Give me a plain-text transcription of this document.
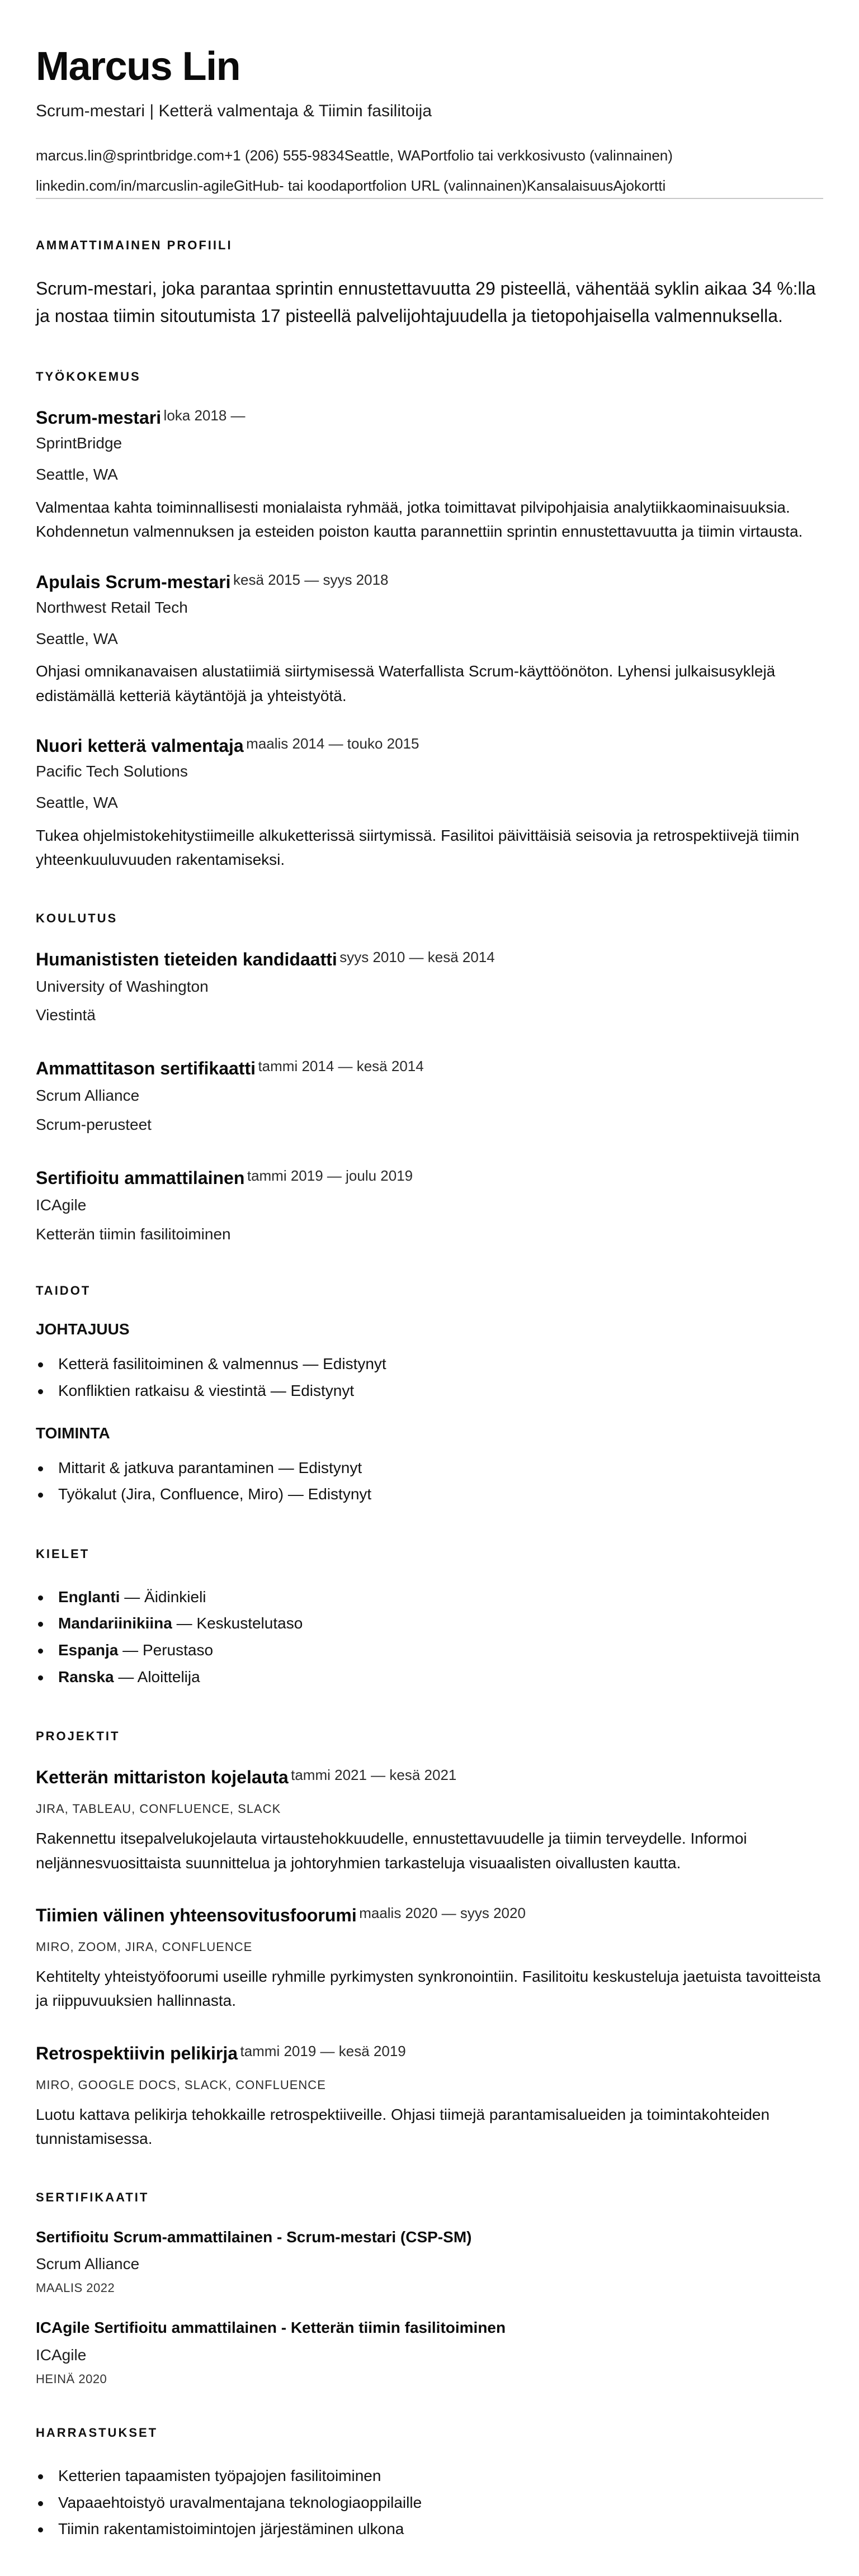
Marcus Lin
Scrum-mestari | Ketterä valmentaja & Tiimin fasilitoija
marcus.lin@sprintbridge.com+1 (206) 555-9834Seattle, WAPortfolio tai verkkosivusto (valinnainen)
linkedin.com/in/marcuslin-agileGitHub- tai koodaportfolion URL (valinnainen)KansalaisuusAjokortti
AMMATTIMAINEN PROFIILI

Scrum-mestari, joka parantaa sprintin ennustettavuutta 29 pisteellä, vähentää syklin aikaa 34 %:lla ja nostaa tiimin sitoutumista 17 pisteellä palvelijohtajuudella ja tietopohjaisella valmennuksella.

TYÖKOKEMUS
Scrum-mestari loka 2018 —
SprintBridge
Seattle, WA

Valmentaa kahta toiminnallisesti monialaista ryhmää, jotka toimittavat pilvipohjaisia analytiikkaominaisuuksia. Kohdennetun valmennuksen ja esteiden poiston kautta parannettiin sprintin ennustettavuutta ja tiimin virtausta.

Apulais Scrum-mestari kesä 2015 — syys 2018
Northwest Retail Tech
Seattle, WA

Ohjasi omnikanavaisen alustatiimiä siirtymisessä Waterfallista Scrum-käyttöönöton. Lyhensi julkaisusyklejä edistämällä ketteriä käytäntöjä ja yhteistyötä.

Nuori ketterä valmentaja maalis 2014 — touko 2015
Pacific Tech Solutions
Seattle, WA

Tukea ohjelmistokehitystiimeille alkuketterissä siirtymissä. Fasilitoi päivittäisiä seisovia ja retrospektiivejä tiimin yhteenkuuluvuuden rakentamiseksi.

KOULUTUS
Humanististen tieteiden kandidaatti syys 2010 — kesä 2014
University of Washington
Viestintä
Ammattitason sertifikaatti tammi 2014 — kesä 2014
Scrum Alliance
Scrum-perusteet
Sertifioitu ammattilainen tammi 2019 — joulu 2019
ICAgile
Ketterän tiimin fasilitoiminen
TAIDOT
JOHTAJUUS
Ketterä fasilitoiminen & valmennus — Edistynyt
Konfliktien ratkaisu & viestintä — Edistynyt
TOIMINTA
Mittarit & jatkuva parantaminen — Edistynyt
Työkalut (Jira, Confluence, Miro) — Edistynyt
KIELET
Englanti — Äidinkieli
Mandariinikiina — Keskustelutaso
Espanja — Perustaso
Ranska — Aloittelija
PROJEKTIT
Ketterän mittariston kojelauta tammi 2021 — kesä 2021
JIRA, TABLEAU, CONFLUENCE, SLACK

Rakennettu itsepalvelukojelauta virtaustehokkuudelle, ennustettavuudelle ja tiimin terveydelle. Informoi neljännesvuosittaista suunnittelua ja johtoryhmien tarkasteluja visuaalisten oivallusten kautta.

Tiimien välinen yhteensovitusfoorumi maalis 2020 — syys 2020
MIRO, ZOOM, JIRA, CONFLUENCE

Kehtitelty yhteistyöfoorumi useille ryhmille pyrkimysten synkronointiin. Fasilitoitu keskusteluja jaetuista tavoitteista ja riippuvuuksien hallinnasta.

Retrospektiivin pelikirja tammi 2019 — kesä 2019
MIRO, GOOGLE DOCS, SLACK, CONFLUENCE

Luotu kattava pelikirja tehokkaille retrospektiiveille. Ohjasi tiimejä parantamisalueiden ja toimintakohteiden tunnistamisessa.

SERTIFIKAATIT
Sertifioitu Scrum-ammattilainen - Scrum-mestari (CSP-SM)
Scrum Alliance
MAALIS 2022
ICAgile Sertifioitu ammattilainen - Ketterän tiimin fasilitoiminen
ICAgile
HEINÄ 2020
HARRASTUKSET
Ketterien tapaamisten työpajojen fasilitoiminen
Vapaaehtoistyö uravalmentajana teknologiaoppilaille
Tiimin rakentamistoimintojen järjestäminen ulkona
